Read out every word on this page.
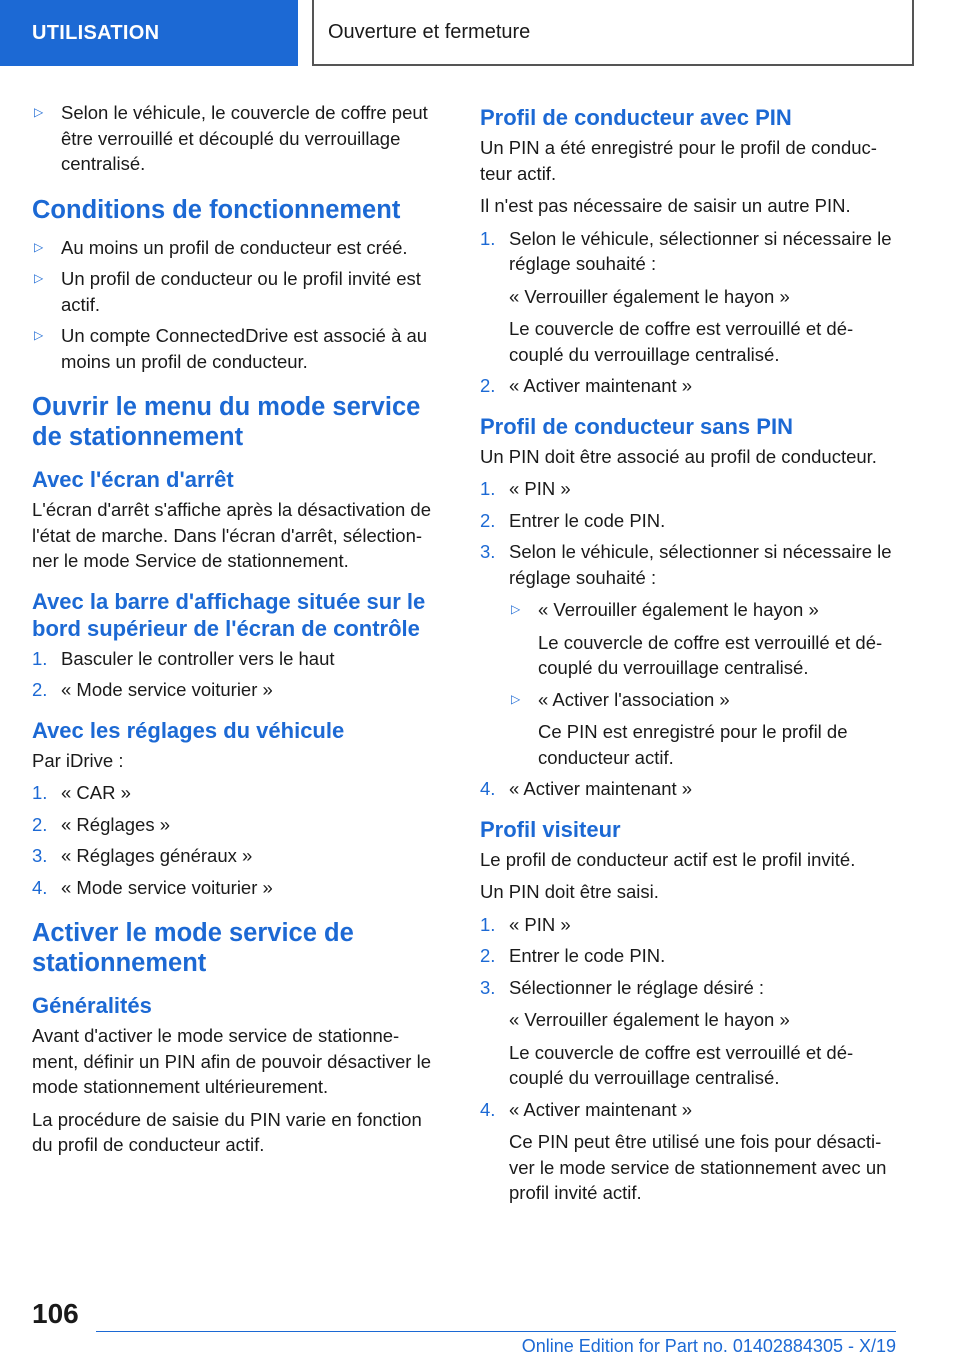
UTILISATION	Ouverture et fermeture
▷ Selon le véhicule, le couvercle de coffre peut être verrouillé et découplé du verrouillage centralisé.
Conditions de fonctionnement
▷ Au moins un profil de conducteur est créé.
▷ Un profil de conducteur ou le profil invité est actif.
▷ Un compte ConnectedDrive est associé à au moins un profil de conducteur.
Ouvrir le menu du mode service de stationnement
Avec l'écran d'arrêt

L'écran d'arrêt s'affiche après la désactivation de l'état de marche. Dans l'écran d'arrêt, sélection-ner le mode Service de stationnement.

Avec la barre d'affichage située sur le bord supérieur de l'écran de contrôle
1. Basculer le controller vers le haut
2. « Mode service voiturier »
Avec les réglages du véhicule

Par iDrive :

1. « CAR »
2. « Réglages »
3. « Réglages généraux »
4. « Mode service voiturier »
Activer le mode service de stationnement
Généralités

Avant d'activer le mode service de stationne-ment, définir un PIN afin de pouvoir désactiver le mode stationnement ultérieurement.

La procédure de saisie du PIN varie en fonction du profil de conducteur actif.

Profil de conducteur avec PIN

Un PIN a été enregistré pour le profil de conduc-teur actif.

Il n'est pas nécessaire de saisir un autre PIN.

1. Selon le véhicule, sélectionner si nécessaire le réglage souhaité :

« Verrouiller également le hayon »

Le couvercle de coffre est verrouillé et dé-couplé du verrouillage centralisé.

2. « Activer maintenant »
Profil de conducteur sans PIN

Un PIN doit être associé au profil de conducteur.

1. « PIN »
2. Entrer le code PIN.
3. Selon le véhicule, sélectionner si nécessaire le réglage souhaité :
▷ « Verrouiller également le hayon »

Le couvercle de coffre est verrouillé et dé-couplé du verrouillage centralisé.

▷ « Activer l'association »

Ce PIN est enregistré pour le profil de conducteur actif.

4. « Activer maintenant »
Profil visiteur

Le profil de conducteur actif est le profil invité.

Un PIN doit être saisi.

1. « PIN »
2. Entrer le code PIN.
3. Sélectionner le réglage désiré :

« Verrouiller également le hayon »

Le couvercle de coffre est verrouillé et dé-couplé du verrouillage centralisé.

4. « Activer maintenant »

Ce PIN peut être utilisé une fois pour désacti-ver le mode service de stationnement avec un profil invité actif.

106
Online Edition for Part no. 01402884305 - X/19
